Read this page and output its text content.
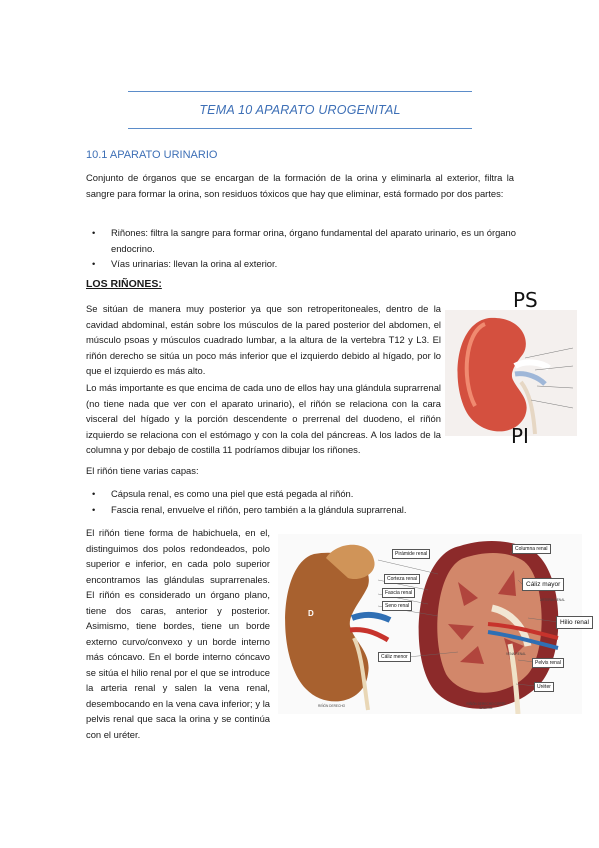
TEMA 10 APARATO UROGENITAL
10.1 APARATO URINARIO

Conjunto de órganos que se encargan de la formación de la orina y eliminarla al exterior, filtra la sangre para formar la orina, son residuos tóxicos que hay que eliminar, está formado por dos partes:

• Riñones: filtra la sangre para formar orina, órgano fundamental del aparato urinario, es un órgano endocrino.
• Vías urinarias: llevan la orina al exterior.
LOS RIÑONES:

Se sitúan de manera muy posterior ya que son retroperitoneales, dentro de la cavidad abdominal, están sobre los músculos de la pared posterior del abdomen, el músculo psoas y músculos cuadrado lumbar, a la altura de la vertebra T12 y L3. El riñón derecho se sitúa un poco más inferior que el izquierdo debido al hígado, por lo que el izquierdo es más alto.

Lo más importante es que encima de cada uno de ellos hay una glándula suprarrenal (no tiene nada que ver con el aparato urinario), el riñón se relaciona con la cara visceral del hígado y la porción descendente o prerrenal del duodeno, el riñón izquierdo se relaciona con el estómago y con la cola del páncreas. A los lados de la columna y por debajo de costilla 11 podríamos dibujar los riñones.

PS
PI

El riñón tiene varias capas:

• Cápsula renal, es como una piel que está pegada al riñón.
• Fascia renal, envuelve el riñón, pero también a la glándula suprarrenal.

El riñón tiene forma de habichuela, en el, distinguimos dos polos redondeados, polo superior e inferior, en cada polo superior encontramos las glándulas suprarrenales. El riñón es considerado un órgano plano, tiene dos caras, anterior y posterior. Asimismo, tiene bordes, tiene un borde externo curvo/convexo y un borde interno más cóncavo. En el borde interno cóncavo se sitúa el hilio renal por el que se introduce la arteria renal y salen la vena renal, desembocando en la vena cava inferior; y la pelvis renal que saca la orina y se continúa con el uréter.

D
Pirámide renal
Columna renal
Corteza renal
Fascia renal
Seno renal
Cáliz mayor
Hilio renal
Cáliz menor
Pelvis renal
Uréter
RIÑÓN DERECHO	RIÑÓN DERECHO CORTE SAGITAL
ARTERIA RENAL
VENA RENAL
